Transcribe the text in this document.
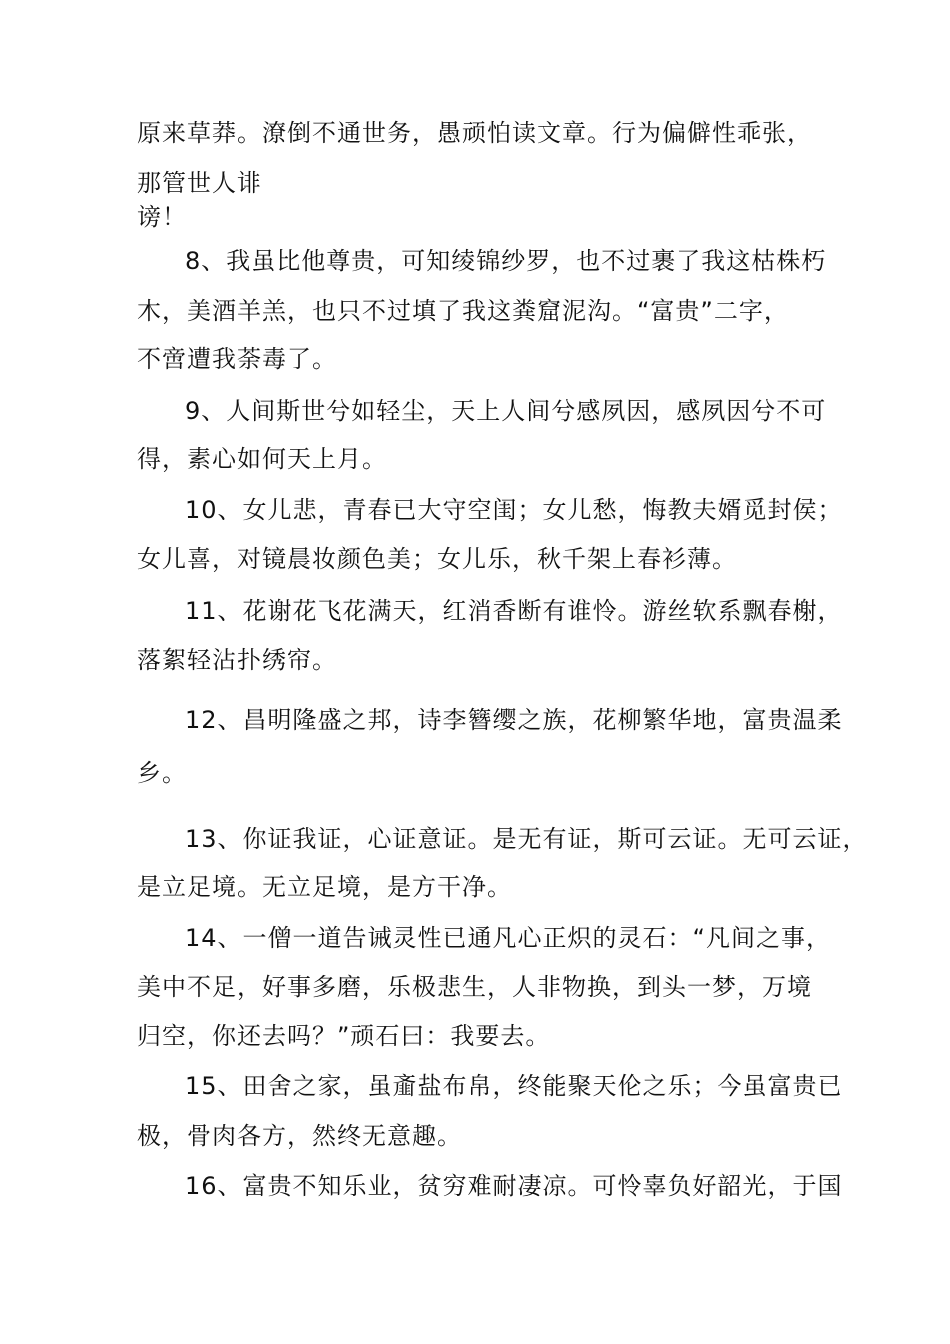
原来草莽。潦倒不通世务，愚顽怕读文章。行为偏僻性乖张，
那管世人诽
谤！
8、我虽比他尊贵，可知绫锦纱罗，也不过裹了我这枯株朽
木，美酒羊羔，也只不过填了我这粪窟泥沟。“富贵”二字，
不啻遭我荼毒了。
9、人间斯世兮如轻尘，天上人间兮感夙因，感夙因兮不可
得，素心如何天上月。
10、女儿悲，青春已大守空闺；女儿愁，悔教夫婿觅封侯；
女儿喜，对镜晨妆颜色美；女儿乐，秋千架上春衫薄。
11、花谢花飞花满天，红消香断有谁怜。游丝软系飘春榭，
落絮轻沾扑绣帘。
12、昌明隆盛之邦，诗李簪缨之族，花柳繁华地，富贵温柔
乡。
13、你证我证，心证意证。是无有证，斯可云证。无可云证，
是立足境。无立足境，是方干净。
14、一僧一道告诫灵性已通凡心正炽的灵石：“凡间之事，
美中不足，好事多磨，乐极悲生，人非物换，到头一梦，万境
归空，你还去吗？”顽石曰：我要去。
15、田舍之家，虽齑盐布帛，终能聚天伦之乐；今虽富贵已
极，骨肉各方，然终无意趣。
16、富贵不知乐业，贫穷难耐凄凉。可怜辜负好韶光，于国
